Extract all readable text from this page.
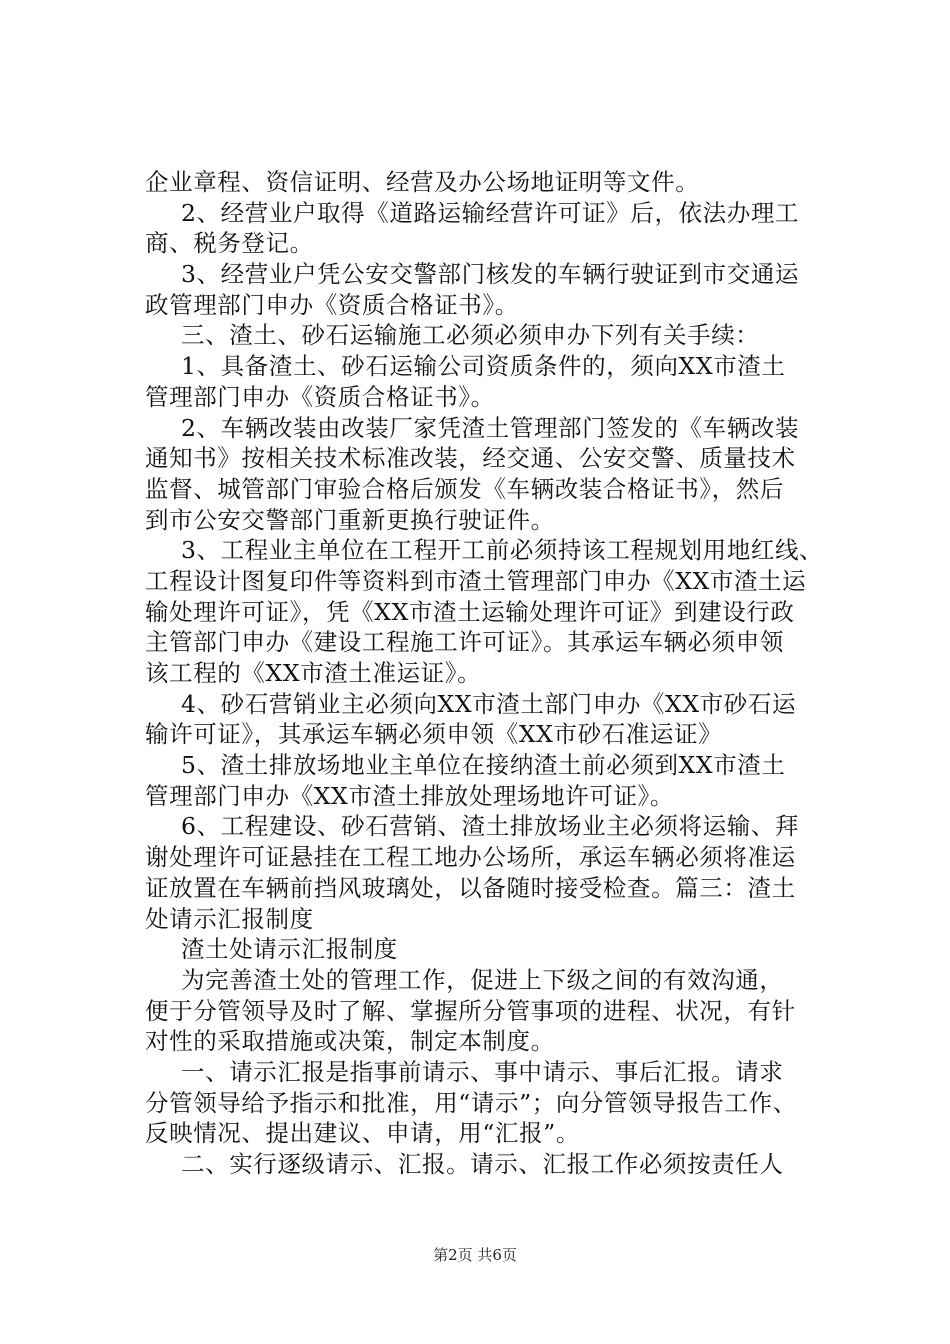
企业章程、资信证明、经营及办公场地证明等文件。
2、经营业户取得《道路运输经营许可证》后，依法办理工
商、税务登记。
3、经营业户凭公安交警部门核发的车辆行驶证到市交通运
政管理部门申办《资质合格证书》。
三、渣土、砂石运输施工必须必须申办下列有关手续：
1、具备渣土、砂石运输公司资质条件的，须向XX市渣土
管理部门申办《资质合格证书》。
2、车辆改装由改装厂家凭渣土管理部门签发的《车辆改装
通知书》按相关技术标准改装，经交通、公安交警、质量技术
监督、城管部门审验合格后颁发《车辆改装合格证书》，然后
到市公安交警部门重新更换行驶证件。
3、工程业主单位在工程开工前必须持该工程规划用地红线、
工程设计图复印件等资料到市渣土管理部门申办《XX市渣土运
输处理许可证》，凭《XX市渣土运输处理许可证》到建设行政
主管部门申办《建设工程施工许可证》。其承运车辆必须申领
该工程的《XX市渣土准运证》。
4、砂石营销业主必须向XX市渣土部门申办《XX市砂石运
输许可证》，其承运车辆必须申领《XX市砂石准运证》
5、渣土排放场地业主单位在接纳渣土前必须到XX市渣土
管理部门申办《XX市渣土排放处理场地许可证》。
6、工程建设、砂石营销、渣土排放场业主必须将运输、拜
谢处理许可证悬挂在工程工地办公场所，承运车辆必须将准运
证放置在车辆前挡风玻璃处，以备随时接受检查。篇三：渣土
处请示汇报制度
渣土处请示汇报制度
为完善渣土处的管理工作，促进上下级之间的有效沟通，
便于分管领导及时了解、掌握所分管事项的进程、状况，有针
对性的采取措施或决策，制定本制度。
一、请示汇报是指事前请示、事中请示、事后汇报。请求
分管领导给予指示和批准，用“请示”；向分管领导报告工作、
反映情况、提出建议、申请，用“汇报”。
二、实行逐级请示、汇报。请示、汇报工作必须按责任人
第2页 共6页
